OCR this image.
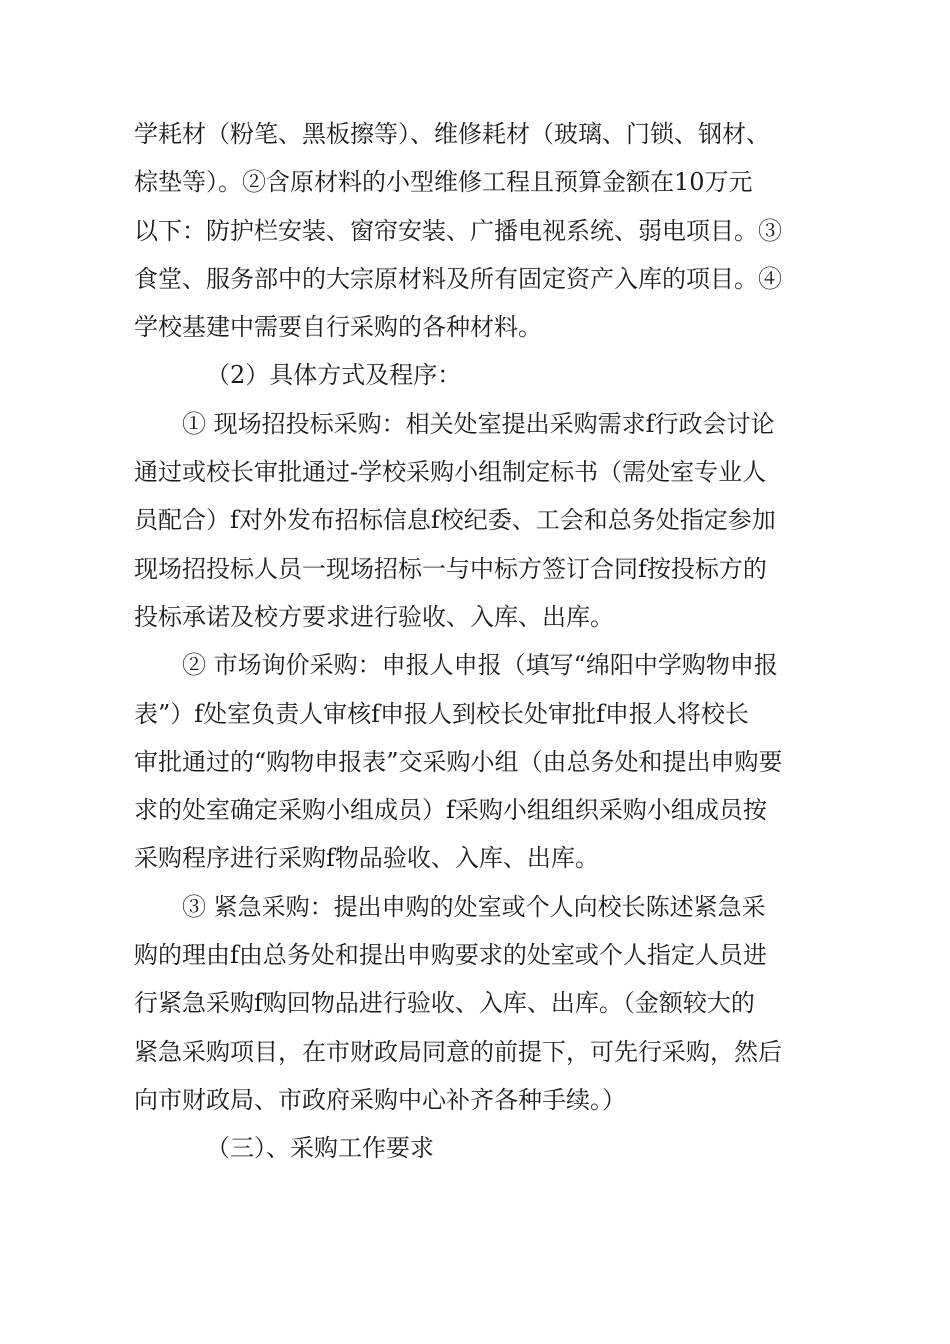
学耗材（粉笔、黑板擦等）、维修耗材（玻璃、门锁、钢材、
棕垫等）。②含原材料的小型维修工程且预算金额在10万元
以下：防护栏安装、窗帘安装、广播电视系统、弱电项目。③
食堂、服务部中的大宗原材料及所有固定资产入库的项目。④
学校基建中需要自行采购的各种材料。
（2）具体方式及程序：
① 现场招投标采购：相关处室提出采购需求f行政会讨论
通过或校长审批通过-学校采购小组制定标书（需处室专业人
员配合）f对外发布招标信息f校纪委、工会和总务处指定参加
现场招投标人员一现场招标一与中标方签订合同f按投标方的
投标承诺及校方要求进行验收、入库、出库。
② 市场询价采购：申报人申报（填写“绵阳中学购物申报
表”）f处室负责人审核f申报人到校长处审批f申报人将校长
审批通过的“购物申报表”交采购小组（由总务处和提出申购要
求的处室确定采购小组成员）f采购小组组织采购小组成员按
采购程序进行采购f物品验收、入库、出库。
③ 紧急采购：提出申购的处室或个人向校长陈述紧急采
购的理由f由总务处和提出申购要求的处室或个人指定人员进
行紧急采购f购回物品进行验收、入库、出库。（金额较大的
紧急采购项目，在市财政局同意的前提下，可先行采购，然后
向市财政局、市政府采购中心补齐各种手续。）
（三）、采购工作要求
